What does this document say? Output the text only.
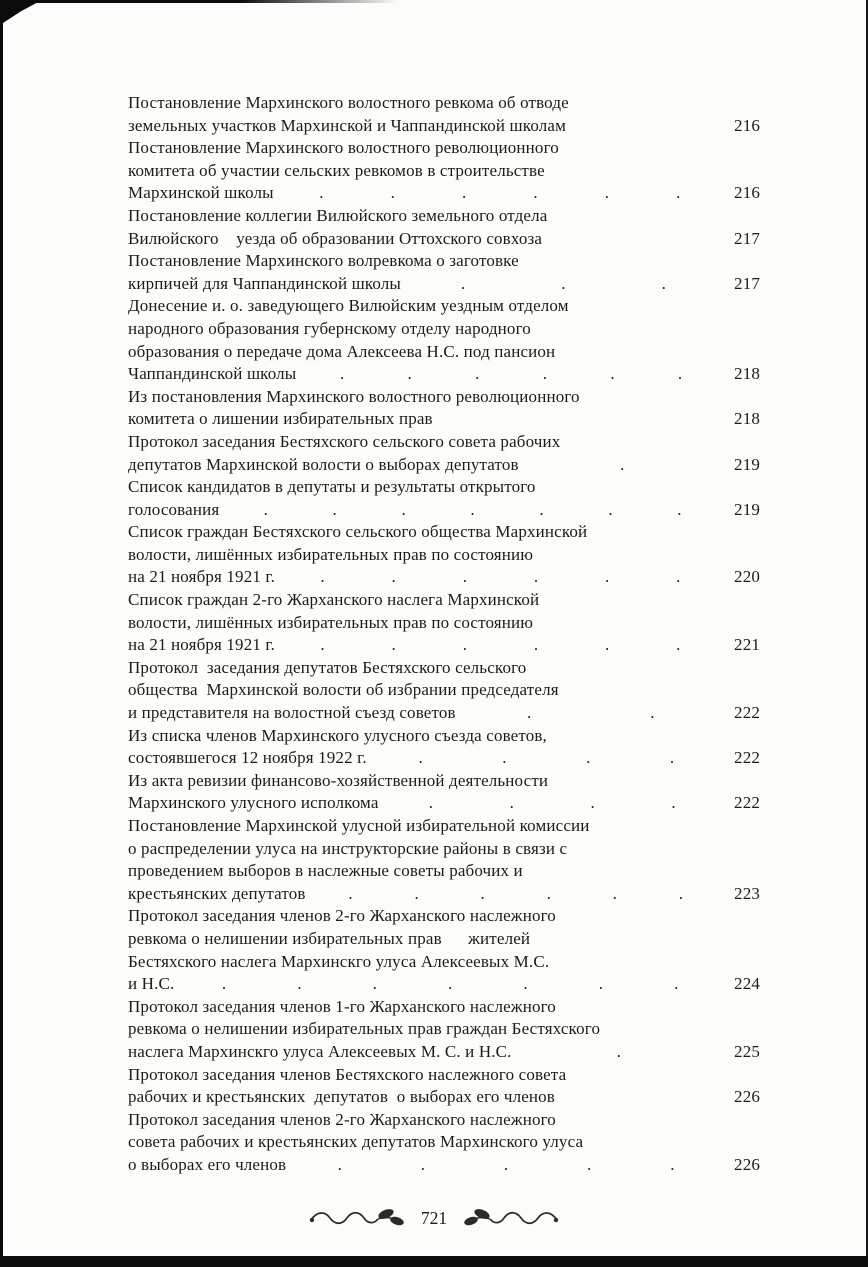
Постановление Мархинского волостного ревкома об отводе
земельных участков Мархинской и Чаппандинской школам	216
Постановление Мархинского волостного революционного
комитета об участии сельских ревкомов в строительстве
Мархинской школы	.	.	.	.	.	.	216
Постановление коллегии Вилюйского земельного отдела
Вилюйского    уезда об образовании Оттохского совхоза	217
Постановление Мархинского волревкома о заготовке
кирпичей для Чаппандинской школы	.	.	.	217
Донесение и. о. заведующего Вилюйским уездным отделом
народного образования губернскому отделу народного
образования о передаче дома Алексеева Н.С. под пансион
Чаппандинской школы	.	.	.	.	.	.	218
Из постановления Мархинского волостного революционного
комитета о лишении избирательных прав	218
Протокол заседания Бестяхского сельского совета рабочих
депутатов Мархинской волости о выборах депутатов	.	219
Список кандидатов в депутаты и результаты открытого
голосования	.	.	.	.	.	.	.	219
Список граждан Бестяхского сельского общества Мархинской
волости, лишённых избирательных прав по состоянию
на 21 ноября 1921 г.	.	.	.	.	.	.	220
Список граждан 2-го Жарханского наслега Мархинской
волости, лишённых избирательных прав по состоянию
на 21 ноября 1921 г.	.	.	.	.	.	.	221
Протокол  заседания депутатов Бестяхского сельского
общества  Мархинской волости об избрании председателя
и представителя на волостной съезд советов	.	.	222
Из списка членов Мархинского улусного съезда советов,
состоявшегося 12 ноября 1922 г.	.	.	.	.	222
Из акта ревизии финансово-хозяйственной деятельности
Мархинского улусного исполкома	.	.	.	.	222
Постановление Мархинской улусной избирательной комиссии
о распределении улуса на инструкторские районы в связи с
проведением выборов в наслежные советы рабочих и
крестьянских депутатов	.	.	.	.	.	.	223
Протокол заседания членов 2-го Жарханского наслежного
ревкома о нелишении избирательных прав      жителей
Бестяхского наслега Мархинскго улуса Алексеевых М.С.
и Н.С.	.	.	.	.	.	.	.	224
Протокол заседания членов 1-го Жарханского наслежного
ревкома о нелишении избирательных прав граждан Бестяхского
наслега Мархинскго улуса Алексеевых М. С. и Н.С.	.	225
Протокол заседания членов Бестяхского наслежного совета
рабочих и крестьянских  депутатов  о выборах его членов	226
Протокол заседания членов 2-го Жарханского наслежного
совета рабочих и крестьянских депутатов Мархинского улуса
о выборах его членов	.	.	.	.	.	226
721
